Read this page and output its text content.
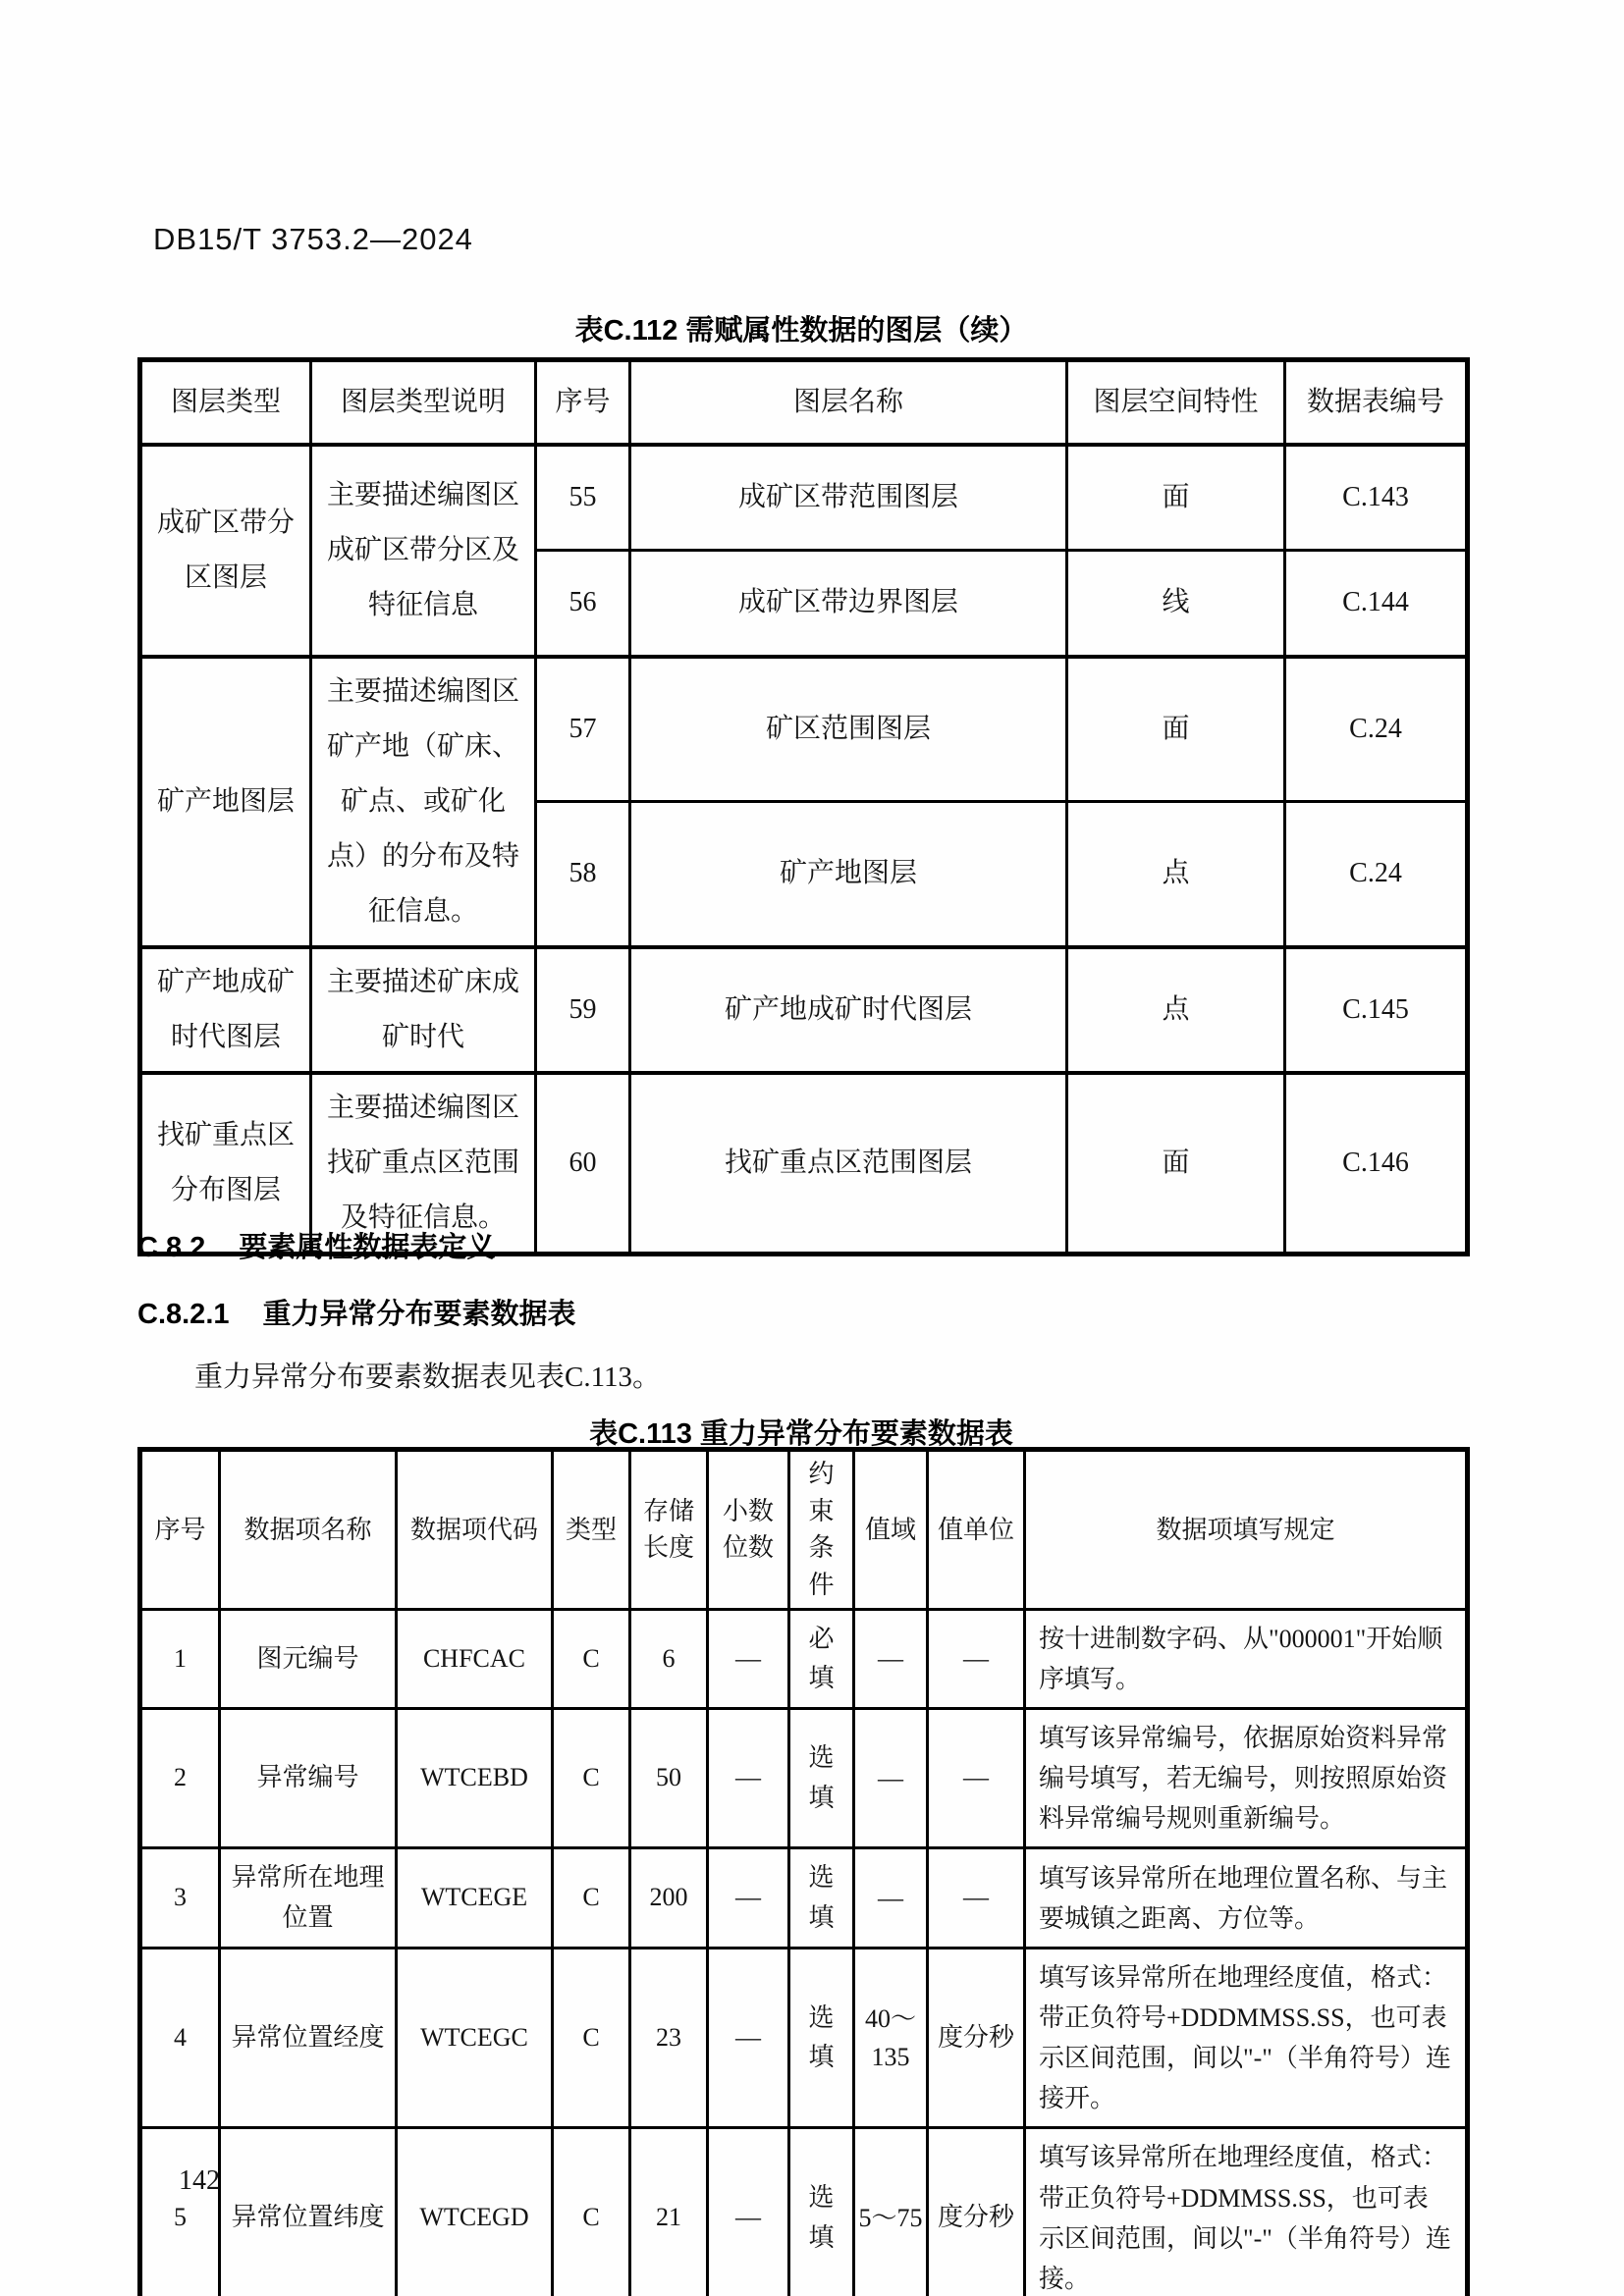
DB15/T 3753.2—2024
表C.112 需赋属性数据的图层（续）
图层类型	图层类型说明	序号	图层名称	图层空间特性	数据表编号
成矿区带分区图层	主要描述编图区成矿区带分区及特征信息	55	成矿区带范围图层	面	C.143
		56	成矿区带边界图层	线	C.144
矿产地图层	主要描述编图区矿产地（矿床、矿点、或矿化点）的分布及特征信息。	57	矿区范围图层	面	C.24
		58	矿产地图层	点	C.24
矿产地成矿时代图层	主要描述矿床成矿时代	59	矿产地成矿时代图层	点	C.145
找矿重点区分布图层	主要描述编图区找矿重点区范围及特征信息。	60	找矿重点区范围图层	面	C.146
C.8.2 要素属性数据表定义
C.8.2.1 重力异常分布要素数据表
重力异常分布要素数据表见表C.113。
表C.113 重力异常分布要素数据表
序号	数据项名称	数据项代码	类型	存储长度	小数位数	约束条件	值域	值单位	数据项填写规定
1	图元编号	CHFCAC	C	6	—	必填	—	—	按十进制数字码、从"000001"开始顺序填写。
2	异常编号	WTCEBD	C	50	—	选填	—	—	填写该异常编号，依据原始资料异常编号填写，若无编号，则按照原始资料异常编号规则重新编号。
3	异常所在地理位置	WTCEGE	C	200	—	选填	—	—	填写该异常所在地理位置名称、与主要城镇之距离、方位等。
4	异常位置经度	WTCEGC	C	23	—	选填	40～135	度分秒	填写该异常所在地理经度值，格式：带正负符号+DDDMMSS.SS，也可表示区间范围，间以"-"（半角符号）连接开。
5	异常位置纬度	WTCEGD	C	21	—	选填	5～75	度分秒	填写该异常所在地理经度值，格式：带正负符号+DDMMSS.SS，也可表示区间范围，间以"-"（半角符号）连接。
142
